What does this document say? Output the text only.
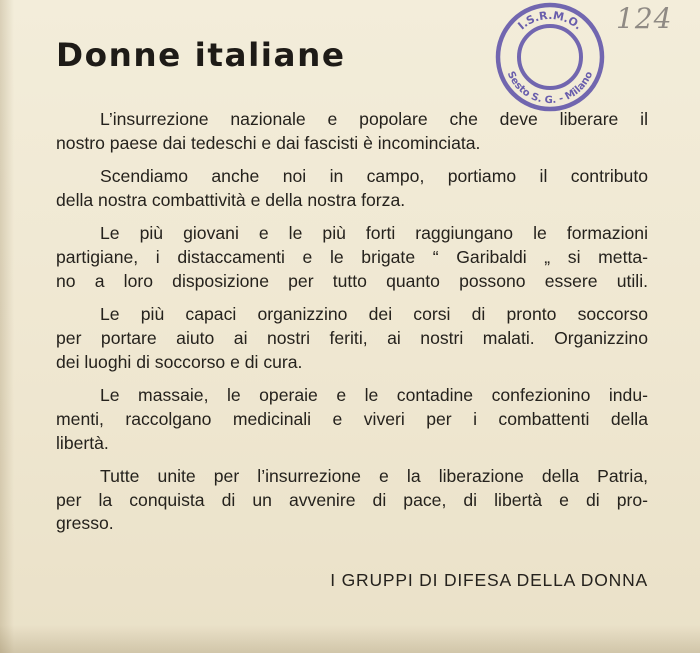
Donne italiane
I.S.R.M.O.
Sesto S. G. - Milano
124

L’insurrezione nazionale e popolare che deve liberare il
nostro paese dai tedeschi e dai fascisti è incominciata.

Scendiamo anche noi in campo, portiamo il contributo
della nostra combattività e della nostra forza.

Le più giovani e le più forti raggiungano le formazioni
partigiane, i distaccamenti e le brigate “ Garibaldi „ si metta-
no a loro disposizione per tutto quanto possono essere utili.

Le più capaci organizzino dei corsi di pronto soccorso
per portare aiuto ai nostri feriti, ai nostri malati. Organizzino
dei luoghi di soccorso e di cura.

Le massaie, le operaie e le contadine confezionino indu-
menti, raccolgano medicinali e viveri per i combattenti della
libertà.

Tutte unite per l’insurrezione e la liberazione della Patria,
per la conquista di un avvenire di pace, di libertà e di pro-
gresso.

I GRUPPI DI DIFESA DELLA DONNA
